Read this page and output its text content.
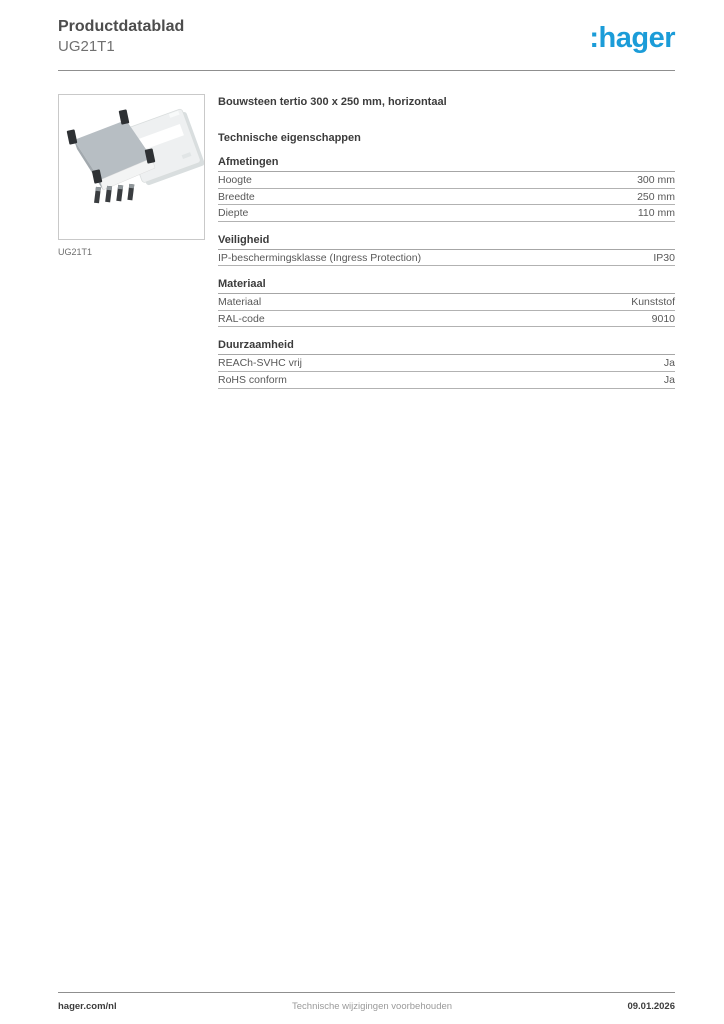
Productdatablad
UG21T1	:hager
UG21T1
Bouwsteen tertio 300 x 250 mm, horizontaal
Technische eigenschappen
Afmetingen
Hoogte	300 mm
Breedte	250 mm
Diepte	110 mm
Veiligheid
IP-beschermingsklasse (Ingress Protection)	IP30
Materiaal
Materiaal	Kunststof
RAL-code	9010
Duurzaamheid
REACh-SVHC vrij	Ja
RoHS conform	Ja
hager.com/nl	Technische wijzigingen voorbehouden	09.01.2026
